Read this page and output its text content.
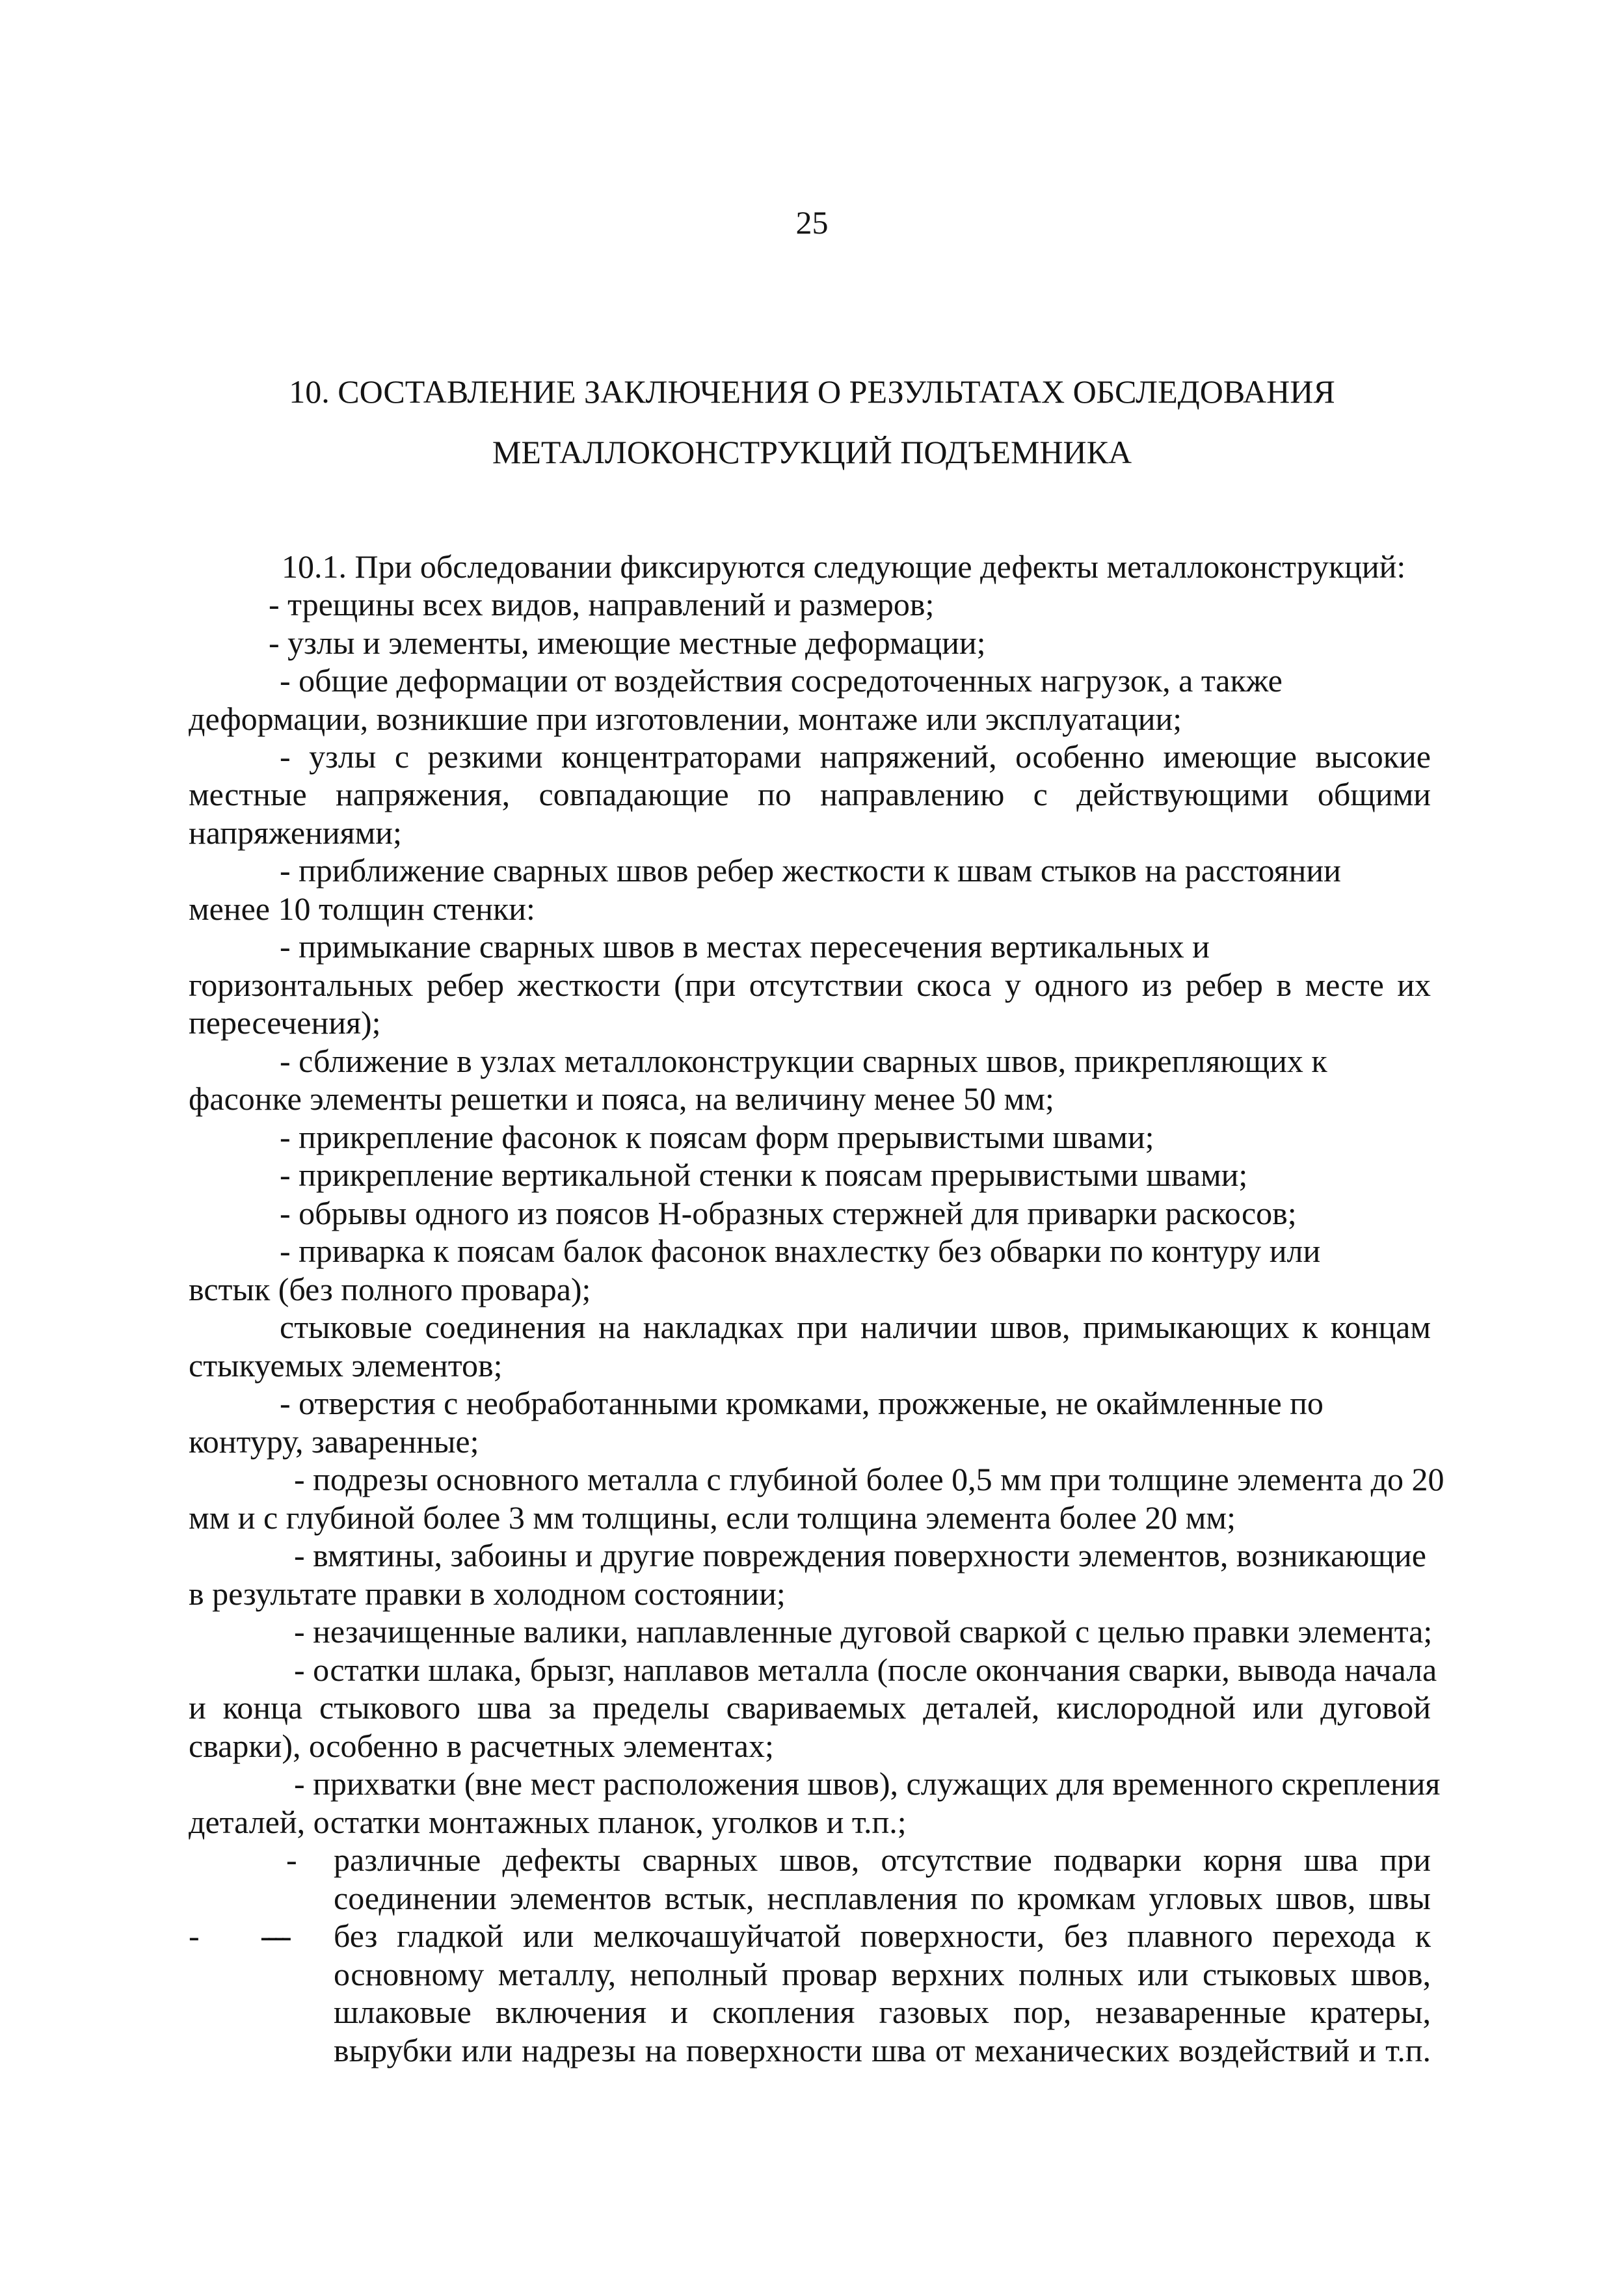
25
10. СОСТАВЛЕНИЕ ЗАКЛЮЧЕНИЯ О РЕЗУЛЬТАТАХ ОБСЛЕДОВАНИЯ
МЕТАЛЛОКОНСТРУКЦИЙ ПОДЪЕМНИКА
10.1. При обследовании фиксируются следующие дефекты металлоконструкций:
- трещины всех видов, направлений и размеров;
- узлы и элементы, имеющие местные деформации;
- общие деформации от воздействия сосредоточенных нагрузок, а также
деформации, возникшие при изготовлении, монтаже или эксплуатации;
- узлы с резкими концентраторами напряжений, особенно имеющие высокие
местные напряжения, совпадающие по направлению с действующими общими
напряжениями;
- приближение сварных швов ребер жесткости к швам стыков на расстоянии
менее 10 толщин стенки:
- примыкание сварных швов в местах пересечения вертикальных и
горизонтальных ребер жесткости (при отсутствии скоса у одного из ребер в месте их
пересечения);
- сближение в узлах металлоконструкции сварных швов, прикрепляющих к
фасонке элементы решетки и пояса, на величину менее 50 мм;
- прикрепление фасонок к поясам форм прерывистыми швами;
- прикрепление вертикальной стенки к поясам прерывистыми швами;
- обрывы одного из поясов Н-образных стержней для приварки раскосов;
- приварка к поясам балок фасонок внахлестку без обварки по контуру или
встык (без полного провара);
стыковые соединения на накладках при наличии швов, примыкающих к концам
стыкуемых элементов;
- отверстия с необработанными кромками, прожженые, не окаймленные по
контуру, заваренные;
- подрезы основного металла с глубиной более 0,5 мм при толщине элемента до 20
мм и с глубиной более 3 мм толщины, если толщина элемента более 20 мм;
- вмятины, забоины и другие повреждения поверхности элементов, возникающие
в результате правки в холодном состоянии;
- незачищенные валики, наплавленные дуговой сваркой с целью правки элемента;
- остатки шлака, брызг, наплавов металла (после окончания сварки, вывода начала
и конца стыкового шва за пределы свариваемых деталей, кислородной или дуговой
сварки), особенно в расчетных элементах;
- прихватки (вне мест расположения швов), служащих для временного скрепления
деталей, остатки монтажных планок, уголков и т.п.;
-
- ----
различные дефекты сварных швов, отсутствие подварки корня шва при
соединении элементов встык, несплавления по кромкам угловых швов, швы
без гладкой или мелкочашуйчатой поверхности, без плавного перехода к
основному металлу, неполный провар верхних полных или стыковых швов,
шлаковые включения и скопления газовых пор, незаваренные кратеры,
вырубки или надрезы на поверхности шва от механических воздействий и т.п.
